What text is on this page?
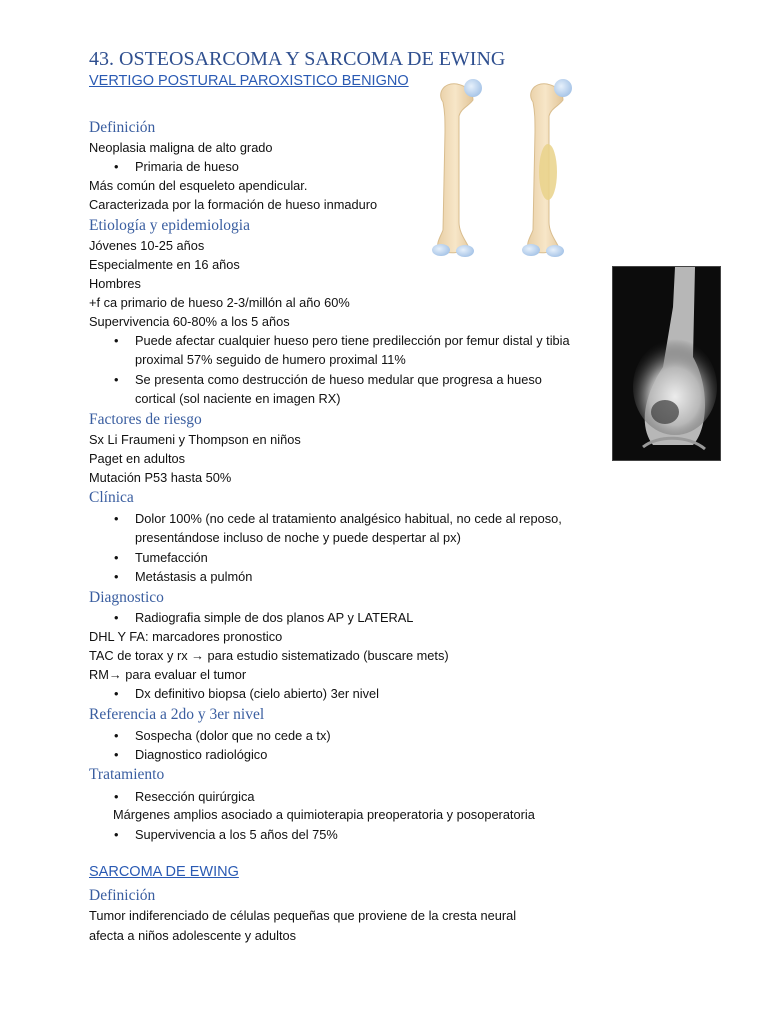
43. OSTEOSARCOMA Y SARCOMA DE EWING
VERTIGO POSTURAL PAROXISTICO BENIGNO
Definición
Neoplasia maligna de alto grado
•	Primaria de hueso
Más común del esqueleto apendicular.
Caracterizada por la formación de hueso inmaduro
Etiología y epidemiologia
Jóvenes 10-25 años
Especialmente en 16 años
Hombres
+f ca primario de hueso 2-3/millón al año 60%
Supervivencia 60-80% a los 5 años
•	Puede afectar cualquier hueso pero tiene predilección por femur distal y tibia proximal 57% seguido de humero proximal 11%
•	Se presenta como destrucción de hueso medular que progresa a hueso cortical (sol naciente en imagen RX)
Factores de riesgo
Sx Li Fraumeni y Thompson en niños
Paget en adultos
Mutación P53 hasta 50%
Clínica
•	Dolor 100% (no cede al tratamiento analgésico habitual, no cede al reposo, presentándose incluso de noche y puede despertar al px)
•	Tumefacción
•	Metástasis a pulmón
Diagnostico
•	Radiografia simple de dos planos AP y LATERAL
DHL Y FA: marcadores pronostico
TAC de torax y rx → para estudio sistematizado (buscare mets)
RM→ para evaluar el tumor
•	Dx definitivo biopsa (cielo abierto) 3er nivel
Referencia a 2do y 3er nivel
•	Sospecha (dolor que no cede a tx)
•	Diagnostico radiológico
Tratamiento
•	Resección quirúrgica
Márgenes amplios asociado a quimioterapia preoperatoria y posoperatoria
•	Supervivencia a los 5 años del 75%
SARCOMA DE EWING
Definición
Tumor indiferenciado de células pequeñas que proviene de la cresta neural
afecta a niños adolescente y adultos
